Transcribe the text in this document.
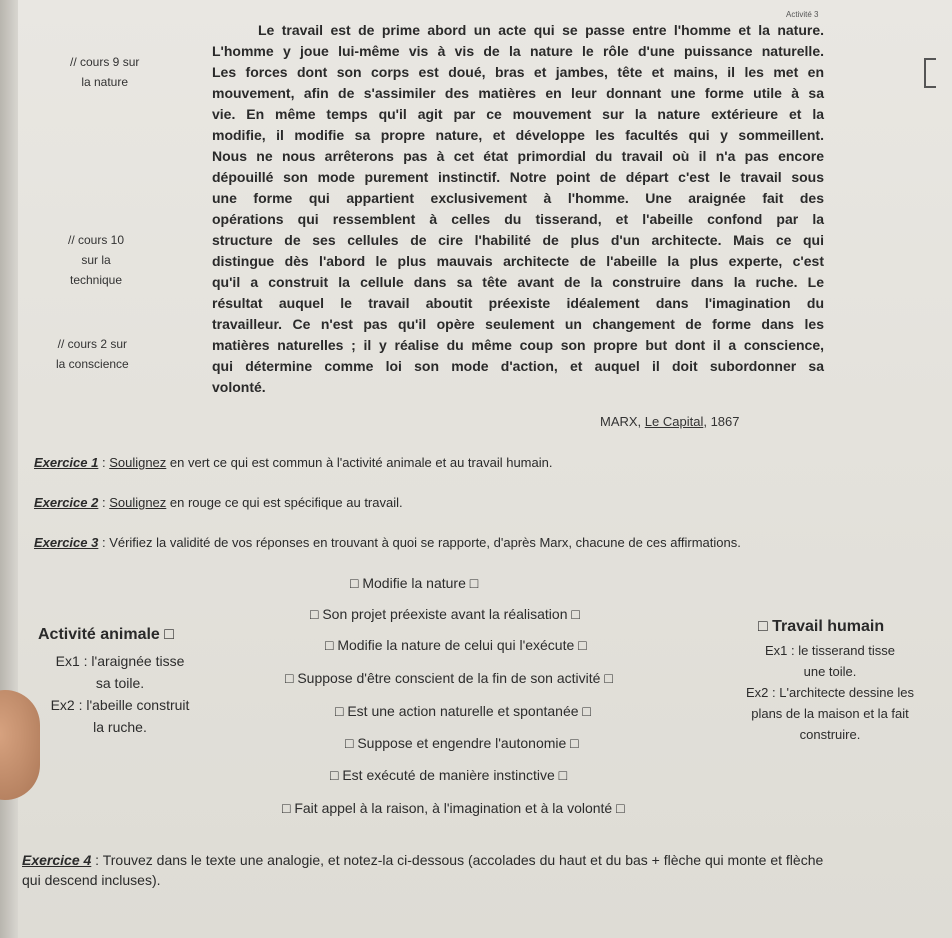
Activité 3
// cours 9 sur
la nature
// cours 10
sur la
technique
// cours 2 sur
la conscience
Le travail est de prime abord un acte qui se passe entre l'homme et la nature.
L'homme y joue lui-même vis à vis de la nature le rôle d'une puissance naturelle.
Les forces dont son corps est doué, bras et jambes, tête et mains, il les met en
mouvement, afin de s'assimiler des matières en leur donnant une forme utile à sa
vie. En même temps qu'il agit par ce mouvement sur la nature extérieure et la
modifie, il modifie sa propre nature, et développe les facultés qui y sommeillent.
Nous ne nous arrêterons pas à cet état primordial du travail où il n'a pas encore
dépouillé son mode purement instinctif. Notre point de départ c'est le travail sous
une forme qui appartient exclusivement à l'homme. Une araignée fait des
opérations qui ressemblent à celles du tisserand, et l'abeille confond par la
structure de ses cellules de cire l'habilité de plus d'un architecte. Mais ce qui
distingue dès l'abord le plus mauvais architecte de l'abeille la plus experte, c'est
qu'il a construit la cellule dans sa tête avant de la construire dans la ruche. Le
résultat auquel le travail aboutit préexiste idéalement dans l'imagination du
travailleur. Ce n'est pas qu'il opère seulement un changement de forme dans les
matières naturelles ; il y réalise du même coup son propre but dont il a conscience,
qui détermine comme loi son mode d'action, et auquel il doit subordonner sa
volonté.
MARX, Le Capital, 1867
Exercice 1 : Soulignez en vert ce qui est commun à l'activité animale et au travail humain.
Exercice 2 : Soulignez en rouge ce qui est spécifique au travail.
Exercice 3 : Vérifiez la validité de vos réponses en trouvant à quoi se rapporte, d'après Marx, chacune de ces affirmations.
□ Modifie la nature □
□ Son projet préexiste avant la réalisation □
□ Modifie la nature de celui qui l'exécute □
□ Suppose d'être conscient de la fin de son activité □
□ Est une action naturelle et spontanée □
□ Suppose et engendre l'autonomie □
□ Est exécuté de manière instinctive □
□ Fait appel à la raison, à l'imagination et à la volonté □
Activité animale □
Ex1 : l'araignée tisse
sa toile.
Ex2 : l'abeille construit
la ruche.
□ Travail humain
Ex1 : le tisserand tisse
une toile.
Ex2 : L'architecte dessine les
plans de la maison et la fait
construire.
Exercice 4 : Trouvez dans le texte une analogie, et notez-la ci-dessous (accolades du haut et du bas + flèche qui monte et flèche
qui descend incluses).
